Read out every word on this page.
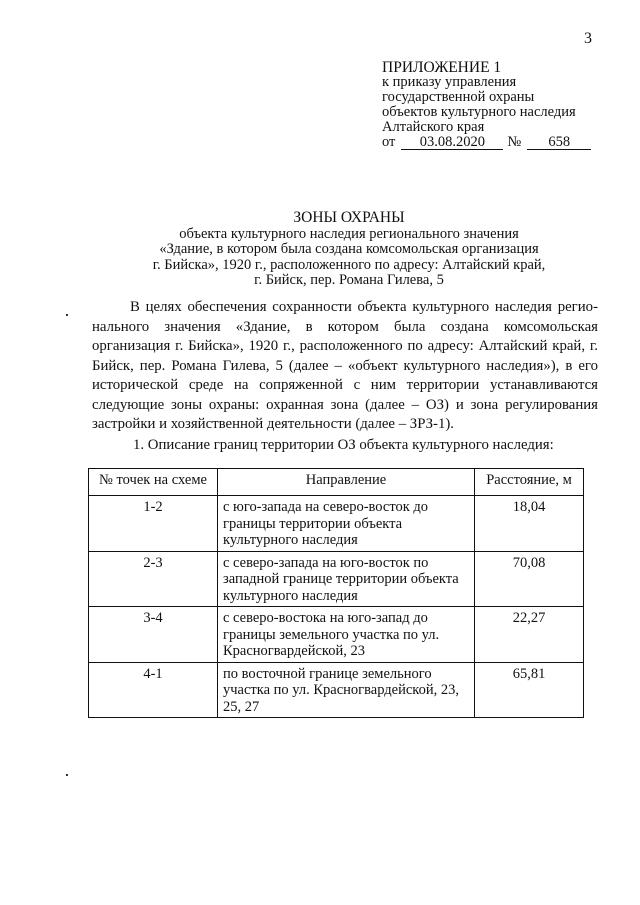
3
ПРИЛОЖЕНИЕ 1
к приказу управления
государственной охраны
объектов культурного наследия
Алтайского края
от	03.08.2020	№	658
ЗОНЫ ОХРАНЫ
объекта культурного наследия регионального значения
«Здание, в котором была создана комсомольская организация
г. Бийска», 1920 г., расположенного по адресу: Алтайский край,
г. Бийск, пер. Романа Гилева, 5

В целях обеспечения сохранности объекта культурного наследия регионального значения «Здание, в котором была создана комсомольская организация г. Бийска», 1920 г., расположенного по адресу: Алтайский край, г. Бийск, пер. Романа Гилева, 5 (далее – «объект культурного наследия»), в его исторической среде на сопряженной с ним территории устанавливаются следующие зоны охраны: охранная зона (далее – ОЗ) и зона регулирования застройки и хозяйственной деятельности (далее – ЗРЗ-1).

1. Описание границ территории ОЗ объекта культурного наследия:
№ точек на схеме	Направление	Расстояние, м
1-2	с юго-запада на северо-восток до границы территории объекта культурного наследия	18,04
2-3	с северо-запада на юго-восток по западной границе территории объекта культурного наследия	70,08
3-4	с северо-востока на юго-запад до границы земельного участка по ул. Красногвардейской, 23	22,27
4-1	по восточной границе земельного участка по ул. Красногвардейской, 23, 25, 27	65,81
